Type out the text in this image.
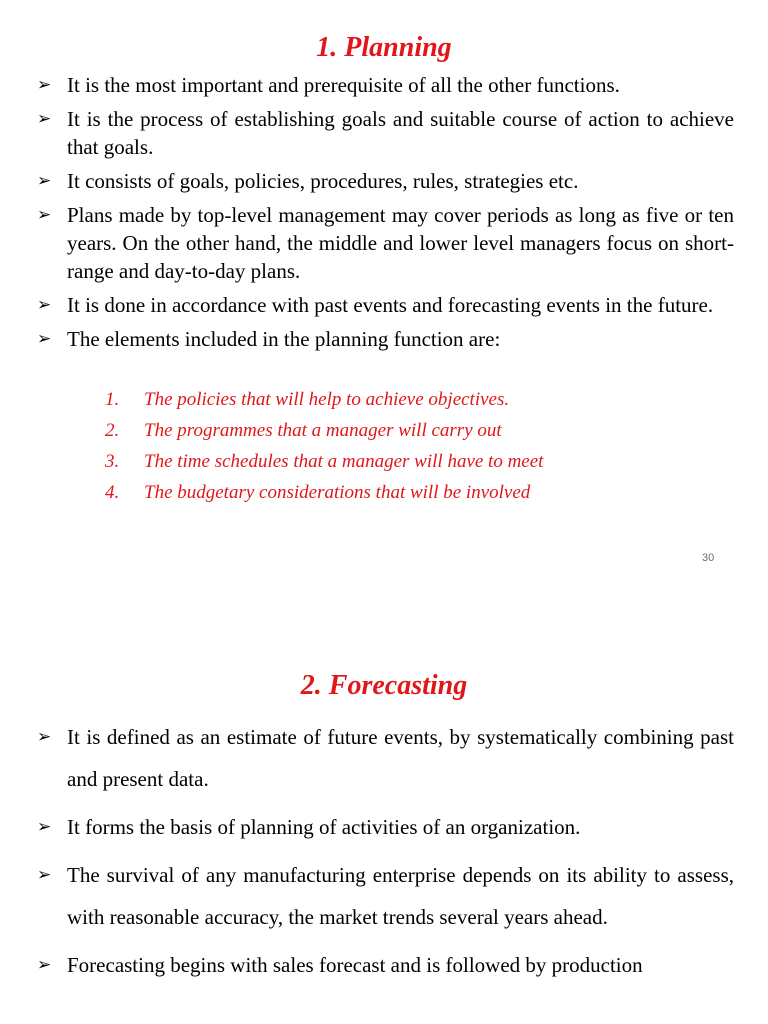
1. Planning
➢ It is the most important and prerequisite of all the other functions.
➢ It is the process of establishing goals and suitable course of action to achieve that goals.
➢ It consists of goals, policies, procedures, rules, strategies etc.
➢ Plans made by top-level management may cover periods as long as five or ten years. On the other hand, the middle and lower level managers focus on short-range and day-to-day plans.
➢ It is done in accordance with past events and forecasting events in the future.
➢ The elements included in the planning function are:
1. The policies that will help to achieve objectives.
2. The programmes that a manager will carry out
3. The time schedules that a manager will have to meet
4. The budgetary considerations that will be involved
30
2. Forecasting
➢ It is defined as an estimate of future events, by systematically combining past and present data.
➢ It forms the basis of planning of activities of an organization.
➢ The survival of any manufacturing enterprise depends on its ability to assess, with reasonable accuracy, the market trends several years ahead.
➢ Forecasting begins with sales forecast and is followed by production
